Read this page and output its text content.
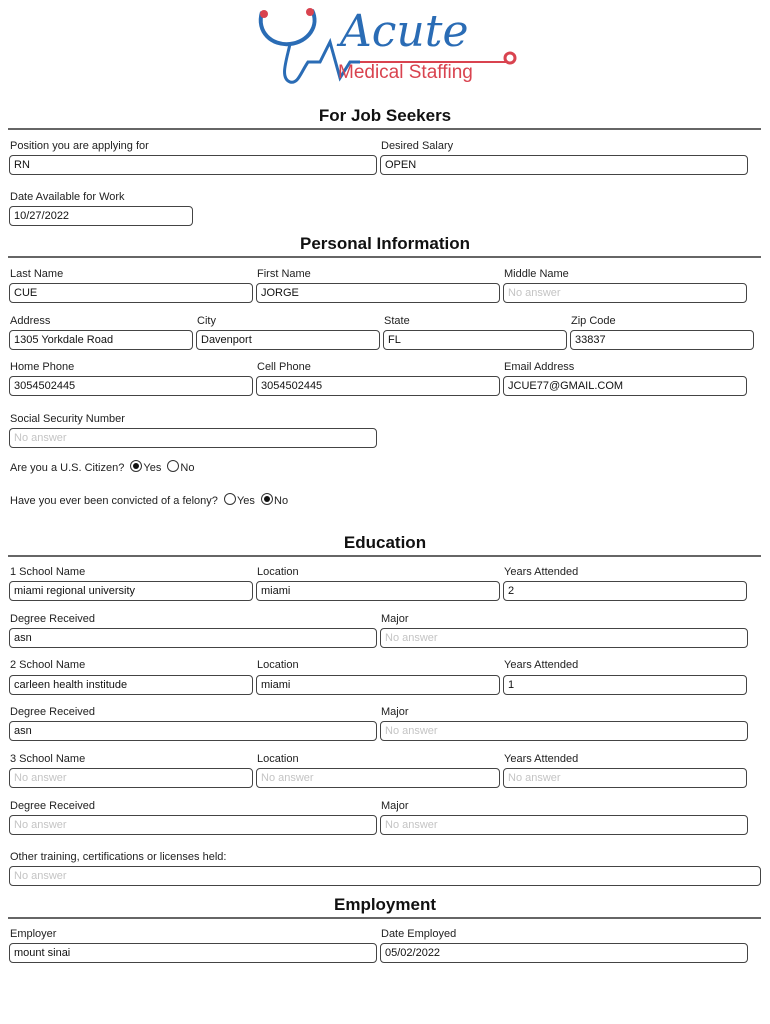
Acute
Medical Staffing
For Job Seekers
Position you are applying for	Desired Salary
RN	OPEN
Date Available for Work
10/27/2022
Personal Information
Last Name	First Name	Middle Name
CUE	JORGE	No answer
Address	City	State	Zip Code
1305 Yorkdale Road	Davenport	FL	33837
Home Phone	Cell Phone	Email Address
3054502445	3054502445	JCUE77@GMAIL.COM
Social Security Number
No answer
Are you a U.S. Citizen? Yes No
Have you ever been convicted of a felony? Yes No
Education
1 School Name	Location	Years Attended
miami regional university	miami	2
Degree Received	Major
asn	No answer
2 School Name	Location	Years Attended
carleen health institude	miami	1
Degree Received	Major
asn	No answer
3 School Name	Location	Years Attended
No answer	No answer	No answer
Degree Received	Major
No answer	No answer
Other training, certifications or licenses held:
No answer
Employment
Employer	Date Employed
mount sinai	05/02/2022
